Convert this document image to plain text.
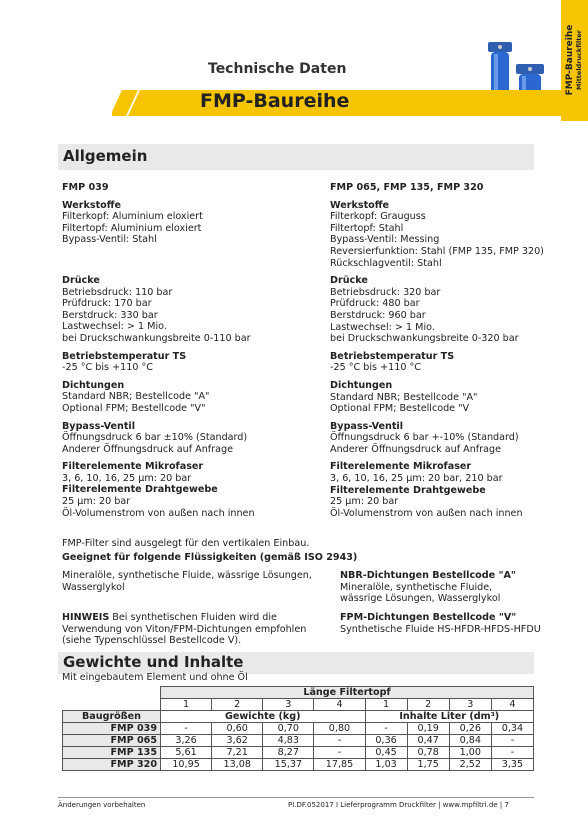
FMP-Baureihe Mitteldruckfilter
Technische Daten
FMP-Baureihe
Allgemein
FMP 039
Werkstoffe
Filterkopf: Aluminium eloxiert
Filtertopf: Aluminium eloxiert
Bypass-Ventil: Stahl
Drücke
Betriebsdruck: 110 bar
Prüfdruck: 170 bar
Berstdruck: 330 bar
Lastwechsel: > 1 Mio.
bei Druckschwankungsbreite 0-110 bar
Betriebstemperatur TS
-25 °C bis +110 °C
Dichtungen
Standard NBR; Bestellcode "A"
Optional FPM; Bestellcode "V"
Bypass-Ventil
Öffnungsdruck 6 bar ±10% (Standard)
Anderer Öffnungsdruck auf Anfrage
Filterelemente Mikrofaser
3, 6, 10, 16, 25 µm: 20 bar
Filterelemente Drahtgewebe
25 µm: 20 bar
Öl-Volumenstrom von außen nach innen
FMP 065, FMP 135, FMP 320
Werkstoffe
Filterkopf: Grauguss
Filtertopf: Stahl
Bypass-Ventil: Messing
Reversierfunktion: Stahl (FMP 135, FMP 320)
Rückschlagventil: Stahl
Drücke
Betriebsdruck: 320 bar
Prüfdruck: 480 bar
Berstdruck: 960 bar
Lastwechsel: > 1 Mio.
bei Druckschwankungsbreite 0-320 bar
Betriebstemperatur TS
-25 °C bis +110 °C
Dichtungen
Standard NBR; Bestellcode "A"
Optional FPM; Bestellcode "V
Bypass-Ventil
Öffnungsdruck 6 bar +-10% (Standard)
Anderer Öffnungsdruck auf Anfrage
Filterelemente Mikrofaser
3, 6, 10, 16, 25 µm: 20 bar, 210 bar
Filterelemente Drahtgewebe
25 µm: 20 bar
Öl-Volumenstrom von außen nach innen
FMP-Filter sind ausgelegt für den vertikalen Einbau.
Geeignet für folgende Flüssigkeiten (gemäß ISO 2943)
Mineralöle, synthetische Fluide, wässrige Lösungen,
Wasserglykol
NBR-Dichtungen Bestellcode "A"
Mineralöle, synthetische Fluide,
wässrige Lösungen, Wasserglykol
HINWEIS Bei synthetischen Fluiden wird die
Verwendung von Viton/FPM-Dichtungen empfohlen
(siehe Typenschlüssel Bestellcode V).
FPM-Dichtungen Bestellcode "V"
Synthetische Fluide HS-HFDR-HFDS-HFDU
Gewichte und Inhalte
Mit eingebautem Element und ohne Öl
	Länge Filtertopf							
	1	2	3	4	1	2	3	4
Baugrößen	Gewichte (kg)				Inhalte Liter (dm³)			
FMP 039	-	0,60	0,70	0,80	-	0,19	0,26	0,34
FMP 065	3,26	3,62	4,83	-	0,36	0,47	0,84	-
FMP 135	5,61	7,21	8,27	-	0,45	0,78	1,00	-
FMP 320	10,95	13,08	15,37	17,85	1,03	1,75	2,52	3,35
Änderungen vorbehalten	PI.DF.052017 I Lieferprogramm Druckfilter | www.mpfiltri.de | 7
